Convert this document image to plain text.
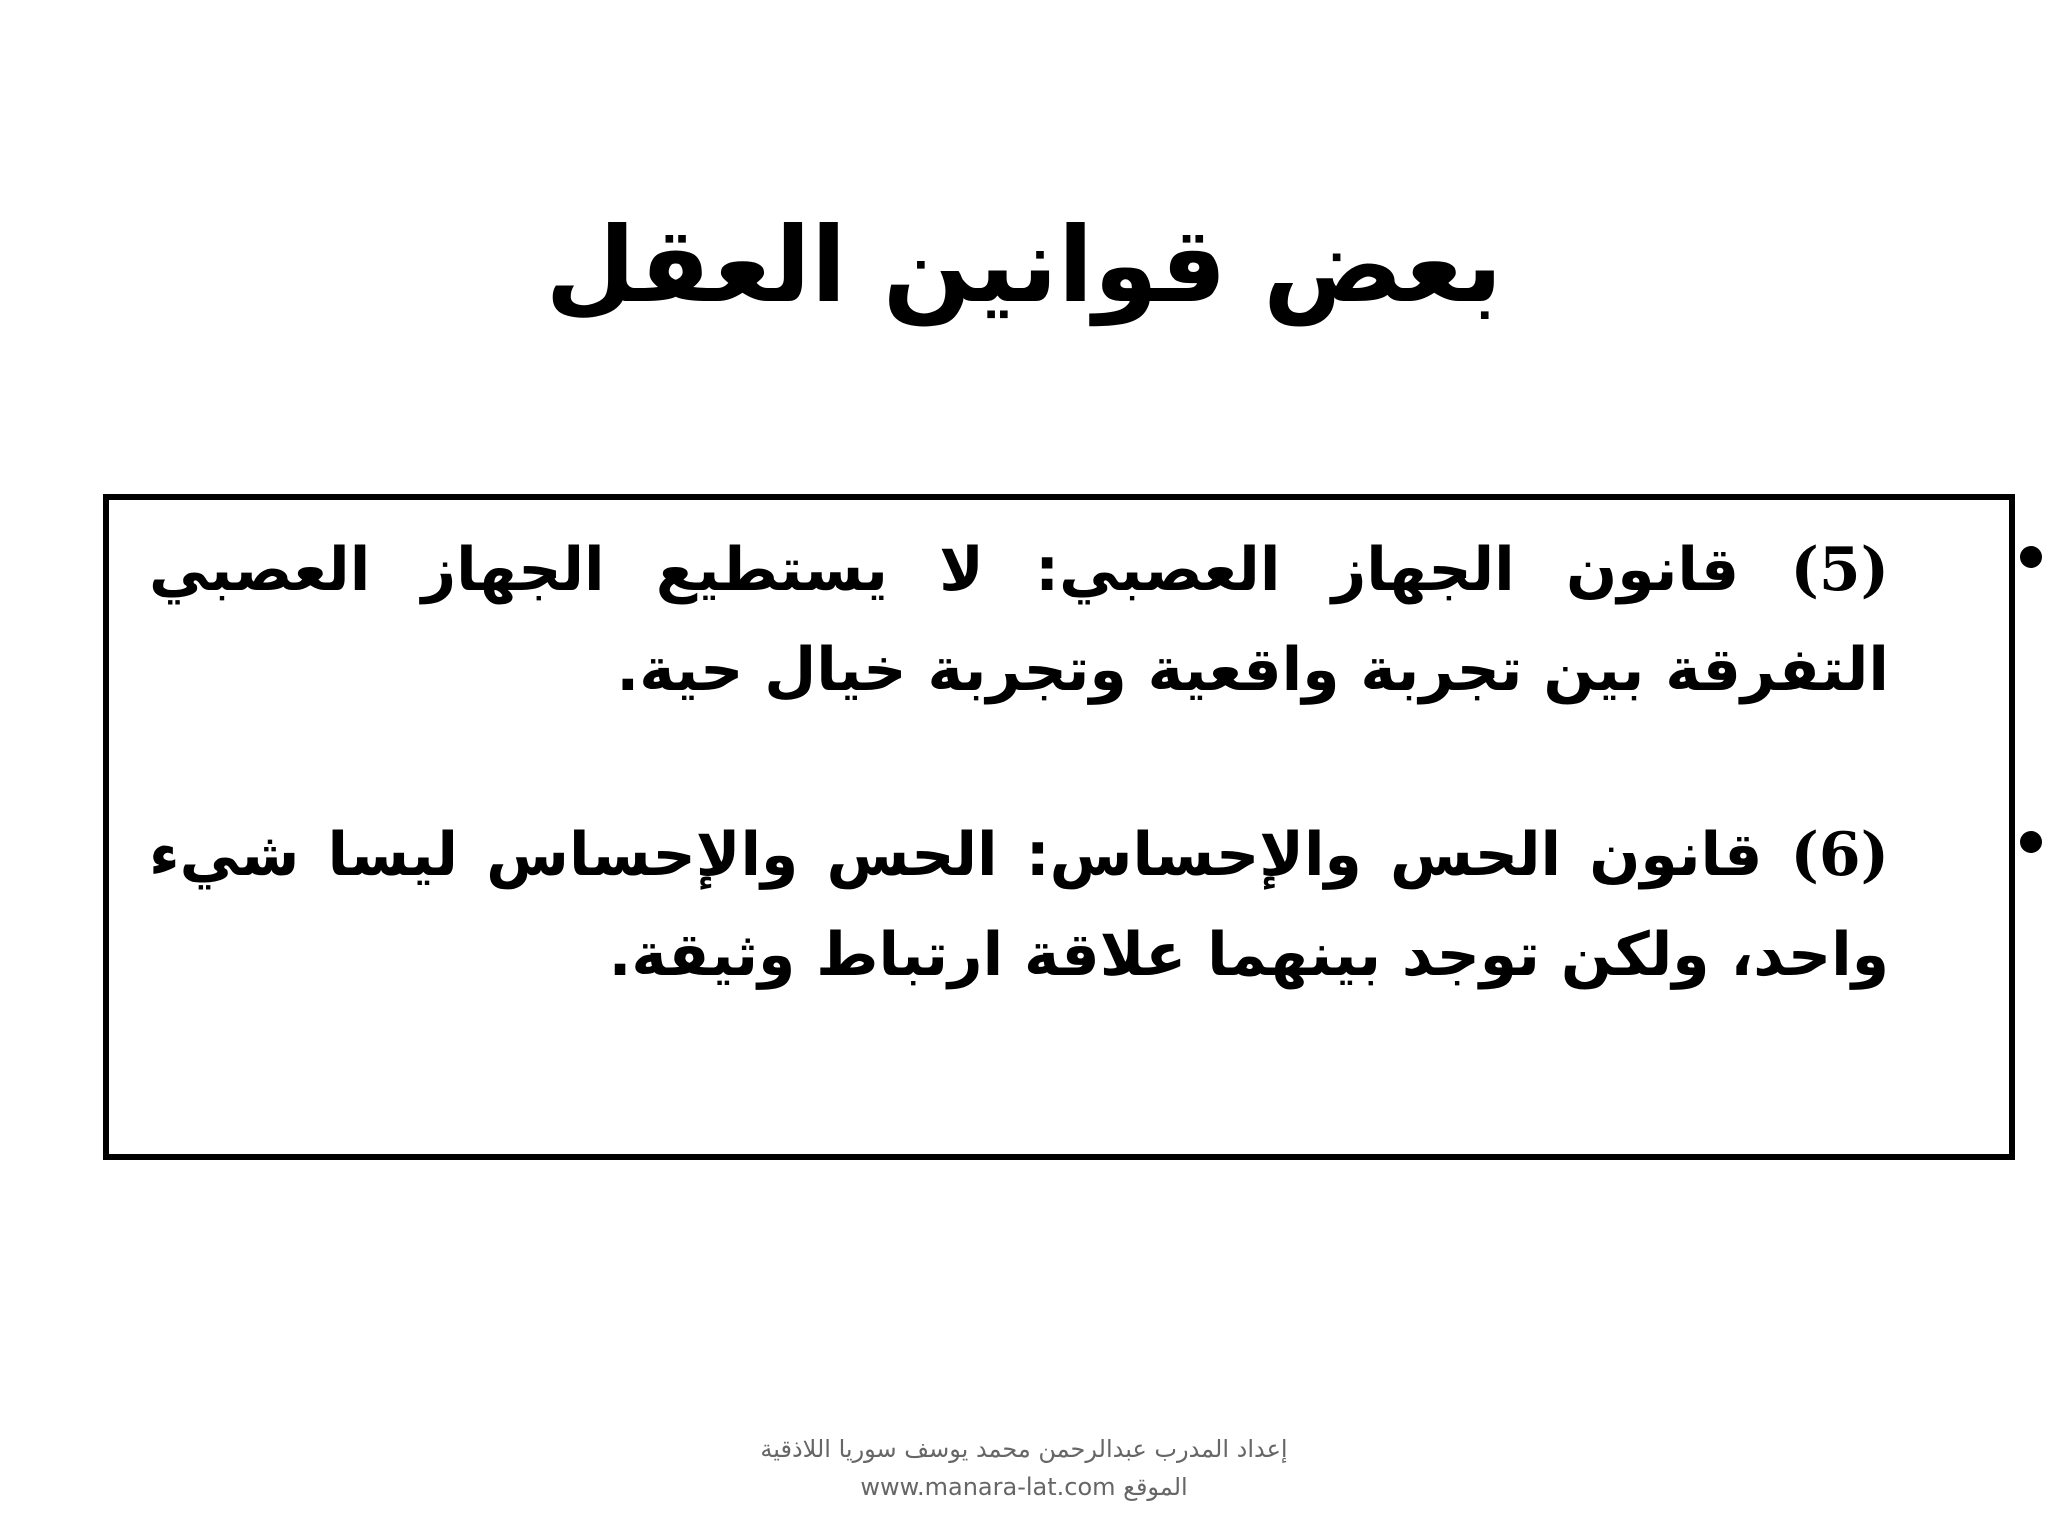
بعض قوانين العقل
(5) قانون الجهاز العصبي: لا يستطيع الجهاز العصبي التفرقة بين تجربة واقعية وتجربة خيال حية.
(6) قانون الحس والإحساس: الحس والإحساس ليسا شيء واحد، ولكن توجد بينهما علاقة ارتباط وثيقة.
إعداد المدرب عبدالرحمن محمد يوسف سوريا اللاذقية
الموقع www.manara-lat.com
